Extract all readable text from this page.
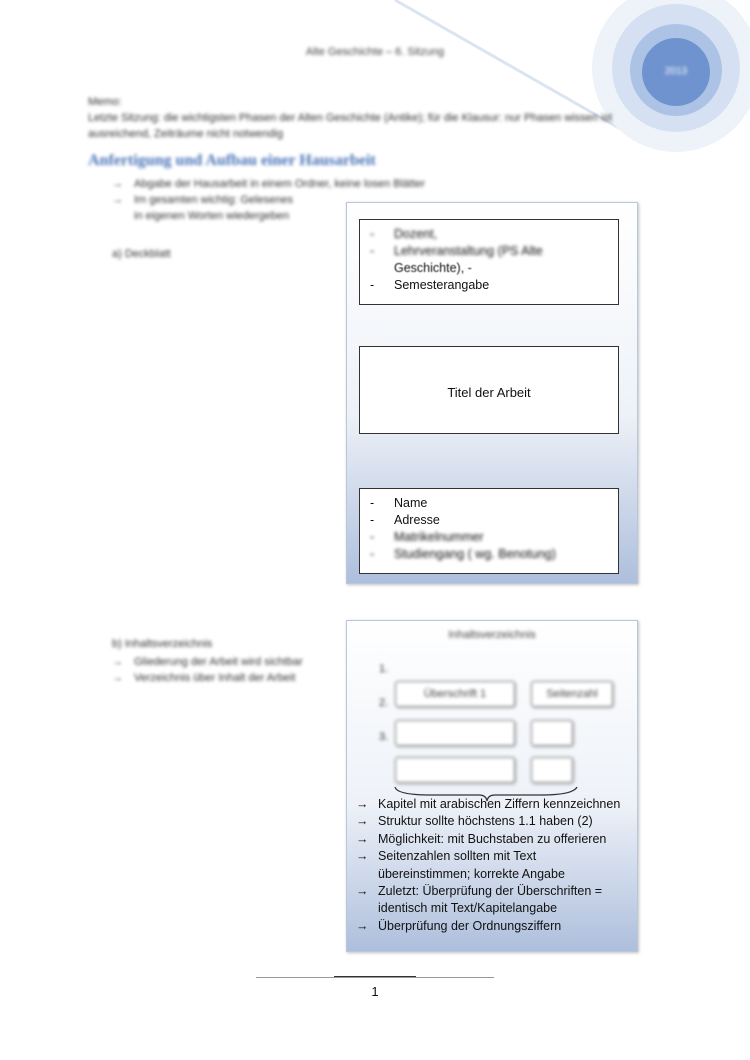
2013
Alte Geschichte – 6. Sitzung
Memo:
Letzte Sitzung: die wichtigsten Phasen der Alten Geschichte (Antike); für die Klausur: nur Phasen wissen ist ausreichend, Zeiträume nicht notwendig
Anfertigung und Aufbau einer Hausarbeit
→	Abgabe der Hausarbeit in einem Ordner, keine losen Blätter
→	Im gesamten wichtig: Gelesenes
in eigenen Worten wiedergeben
a) Deckblatt
-	Dozent,
-	Lehrveranstaltung (PS Alte
Geschichte), -
-	Semesterangabe
Titel der Arbeit
-	Name
-	Adresse
-	Matrikelnummer
-	Studiengang ( wg. Benotung)
b) Inhaltsverzeichnis
→	Gliederung der Arbeit wird sichtbar
→	Verzeichnis über Inhalt der Arbeit
Inhaltsverzeichnis
1.
2.
3.
Überschrift 1	Seitenzahl
→ Kapitel mit arabischen Ziffern kennzeichnen
→ Struktur sollte höchstens 1.1 haben (2)
→ Möglichkeit: mit Buchstaben zu offerieren
→ Seitenzahlen sollten mit Text
übereinstimmen; korrekte Angabe
→ Zuletzt: Überprüfung der Überschriften =
identisch mit Text/Kapitelangabe
→ Überprüfung der Ordnungsziffern
1
